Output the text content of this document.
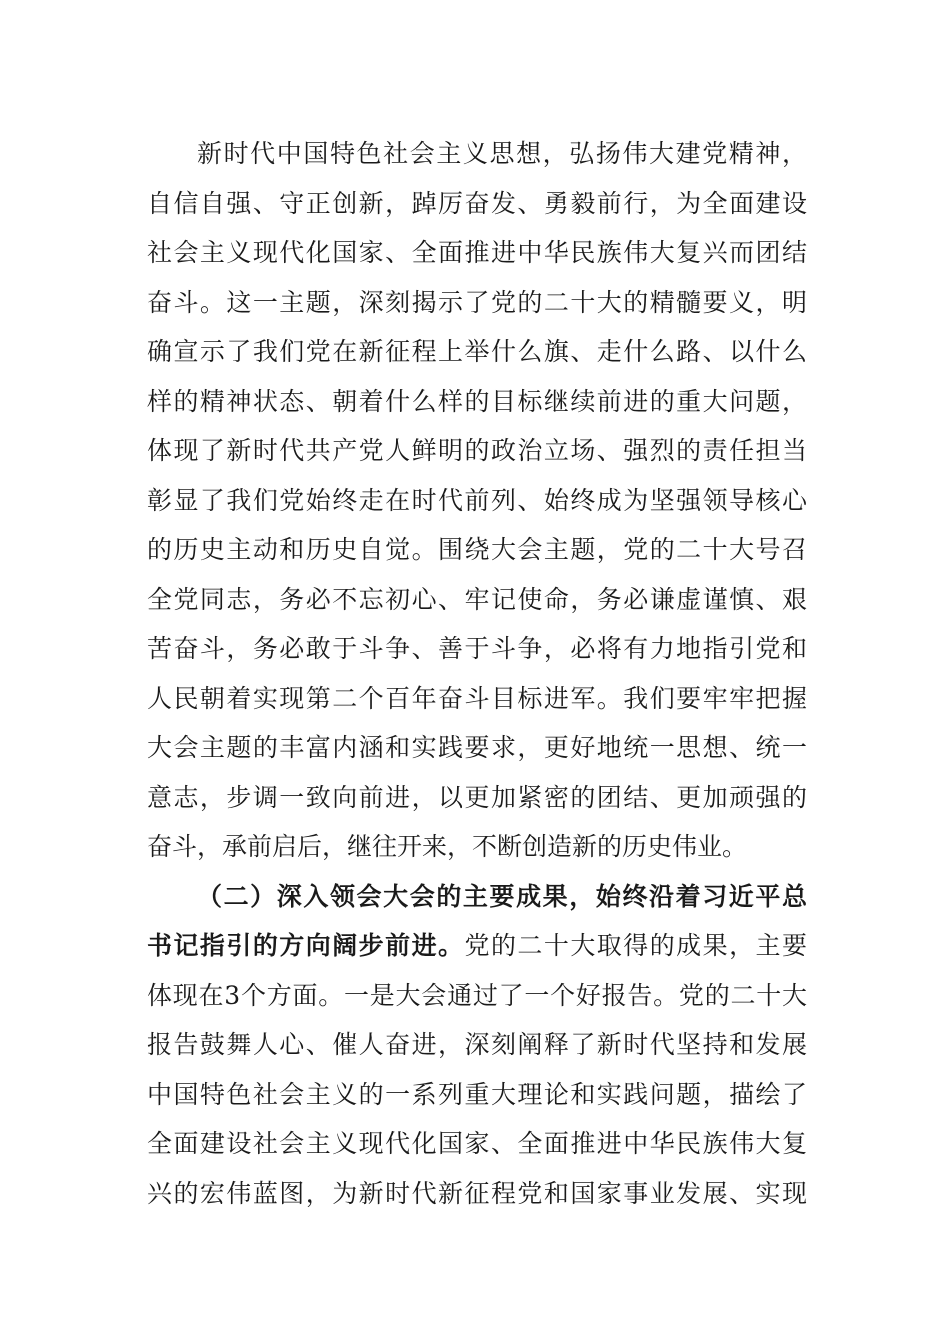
新时代中国特色社会主义思想，弘扬伟大建党精神，
自信自强、守正创新，踔厉奋发、勇毅前行，为全面建设
社会主义现代化国家、全面推进中华民族伟大复兴而团结
奋斗。这一主题，深刻揭示了党的二十大的精髓要义，明
确宣示了我们党在新征程上举什么旗、走什么路、以什么
样的精神状态、朝着什么样的目标继续前进的重大问题，
体现了新时代共产党人鲜明的政治立场、强烈的责任担当
彰显了我们党始终走在时代前列、始终成为坚强领导核心
的历史主动和历史自觉。围绕大会主题，党的二十大号召
全党同志，务必不忘初心、牢记使命，务必谦虚谨慎、艰
苦奋斗，务必敢于斗争、善于斗争，必将有力地指引党和
人民朝着实现第二个百年奋斗目标进军。我们要牢牢把握
大会主题的丰富内涵和实践要求，更好地统一思想、统一
意志，步调一致向前进，以更加紧密的团结、更加顽强的
奋斗，承前启后，继往开来，不断创造新的历史伟业。
（二）深入领会大会的主要成果，始终沿着习近平总
书记指引的方向阔步前进。党的二十大取得的成果，主要
体现在3个方面。一是大会通过了一个好报告。党的二十大
报告鼓舞人心、催人奋进，深刻阐释了新时代坚持和发展
中国特色社会主义的一系列重大理论和实践问题，描绘了
全面建设社会主义现代化国家、全面推进中华民族伟大复
兴的宏伟蓝图，为新时代新征程党和国家事业发展、实现
